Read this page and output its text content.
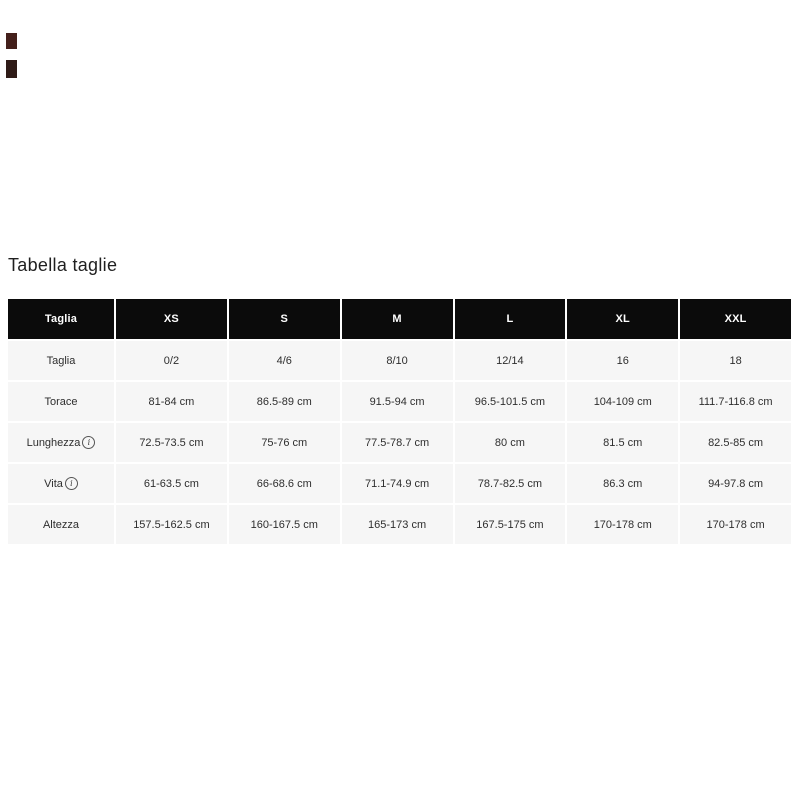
Tabella taglie
Taglia	XS	S	M	L	XL	XXL
Taglia	0/2	4/6	8/10	12/14	16	18
Torace	81-84 cm	86.5-89 cm	91.5-94 cm	96.5-101.5 cm	104-109 cm	111.7-116.8 cm
Lunghezza i	72.5-73.5 cm	75-76 cm	77.5-78.7 cm	80 cm	81.5 cm	82.5-85 cm
Vita i	61-63.5 cm	66-68.6 cm	71.1-74.9 cm	78.7-82.5 cm	86.3 cm	94-97.8 cm
Altezza	157.5-162.5 cm	160-167.5 cm	165-173 cm	167.5-175 cm	170-178 cm	170-178 cm
